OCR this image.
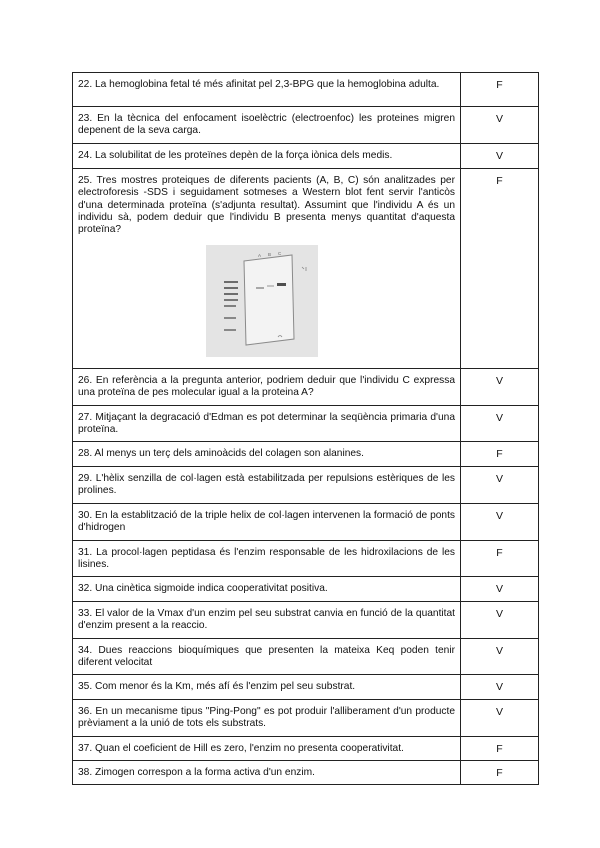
22. La hemoglobina fetal té més afinitat pel 2,3-BPG que la hemoglobina adulta.	F

23. En la tècnica del enfocament isoelèctric (electroenfoc) les proteines migren depenent de la seva carga.	V

24. La solubilitat de les proteïnes depèn de la força iònica dels medis.	V

25. Tres mostres proteiques de diferents pacients (A, B, C) són analitzades per electroforesis -SDS i seguidament sotmeses a Western blot fent servir l'anticòs d'una determinada proteïna (s'adjunta resultat). Assumint que l'individu A és un individu sà, podem deduir que l'individu B presenta menys quantitat d'aquesta proteïna?
A B C	F

26. En referència a la pregunta anterior, podriem deduir que l'individu C expressa una proteïna de pes molecular igual a la proteina A?	V

27. Mitjaçant la degracació d'Edman es pot determinar la seqüència primaria d'una proteïna.	V

28. Al menys un terç dels aminoàcids del colagen son alanines.	F

29. L'hèlix senzilla de col·lagen està estabilitzada per repulsions estèriques de les prolines.	V

30. En la establització de la triple helix de col·lagen intervenen la formació de ponts d'hidrogen	V

31. La procol·lagen peptidasa és l'enzim responsable de les hidroxilacions de les lisines.	F

32. Una cinètica sigmoide indica cooperativitat positiva.	V

33. El valor de la Vmax d'un enzim pel seu substrat canvia en funció de la quantitat d'enzim present a la reaccio.	V

34. Dues reaccions bioquímiques que presenten la mateixa Keq poden tenir diferent velocitat	V

35. Com menor és la Km, més afí és l'enzim pel seu substrat.	V

36. En un mecanisme tipus "Ping-Pong" es pot produir l'alliberament d'un producte prèviament a la unió de tots els substrats.	V

37. Quan el coeficient de Hill es zero, l'enzim no presenta cooperativitat.	F

38. Zimogen correspon a la forma activa d'un enzim.	F
